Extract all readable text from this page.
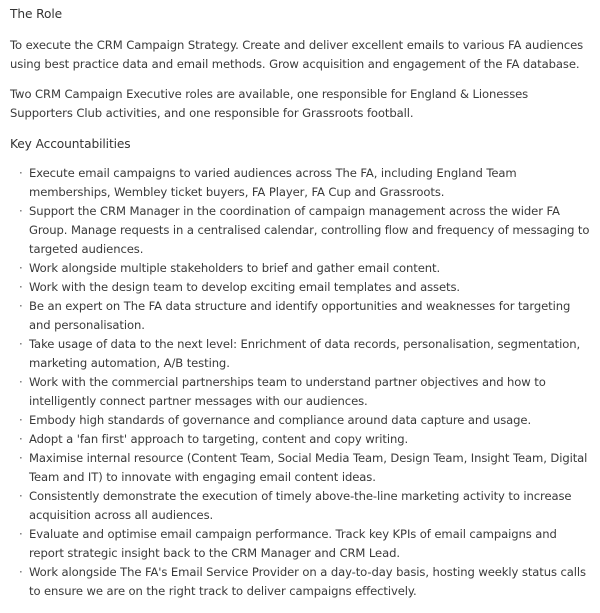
The Role

To execute the CRM Campaign Strategy. Create and deliver excellent emails to various FA audiences using best practice data and email methods. Grow acquisition and engagement of the FA database.

Two CRM Campaign Executive roles are available, one responsible for England & Lionesses Supporters Club activities, and one responsible for Grassroots football.

Key Accountabilities
· Execute email campaigns to varied audiences across The FA, including England Team memberships, Wembley ticket buyers, FA Player, FA Cup and Grassroots.
· Support the CRM Manager in the coordination of campaign management across the wider FA Group. Manage requests in a centralised calendar, controlling flow and frequency of messaging to targeted audiences.
· Work alongside multiple stakeholders to brief and gather email content.
· Work with the design team to develop exciting email templates and assets.
· Be an expert on The FA data structure and identify opportunities and weaknesses for targeting and personalisation.
· Take usage of data to the next level: Enrichment of data records, personalisation, segmentation, marketing automation, A/B testing.
· Work with the commercial partnerships team to understand partner objectives and how to intelligently connect partner messages with our audiences.
· Embody high standards of governance and compliance around data capture and usage.
· Adopt a 'fan first' approach to targeting, content and copy writing.
· Maximise internal resource (Content Team, Social Media Team, Design Team, Insight Team, Digital Team and IT) to innovate with engaging email content ideas.
· Consistently demonstrate the execution of timely above-the-line marketing activity to increase acquisition across all audiences.
· Evaluate and optimise email campaign performance. Track key KPIs of email campaigns and report strategic insight back to the CRM Manager and CRM Lead.
· Work alongside The FA's Email Service Provider on a day-to-day basis, hosting weekly status calls to ensure we are on the right track to deliver campaigns effectively.
